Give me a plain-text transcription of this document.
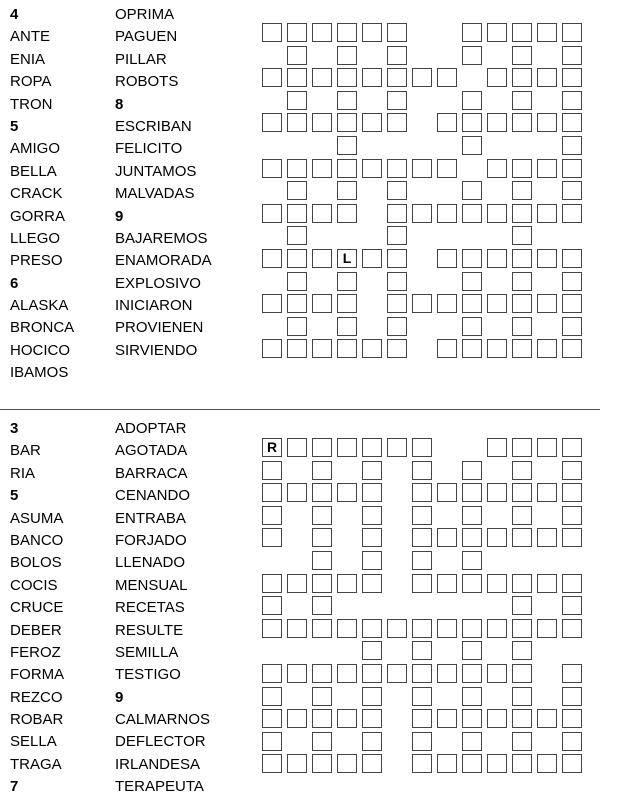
4
ANTE
ENIA
ROPA
TRON
5
AMIGO
BELLA
CRACK
GORRA
LLEGO
PRESO
6
ALASKA
BRONCA
HOCICO
IBAMOS
OPRIMA
PAGUEN
PILLAR
ROBOTS
8
ESCRIBAN
FELICITO
JUNTAMOS
MALVADAS
9
BAJAREMOS
ENAMORADA
EXPLOSIVO
INICIARON
PROVIENEN
SIRVIENDO
L
3
BAR
RIA
5
ASUMA
BANCO
BOLOS
COCIS
CRUCE
DEBER
FEROZ
FORMA
REZCO
ROBAR
SELLA
TRAGA
7
ADOPTAR
AGOTADA
BARRACA
CENANDO
ENTRABA
FORJADO
LLENADO
MENSUAL
RECETAS
RESULTE
SEMILLA
TESTIGO
9
CALMARNOS
DEFLECTOR
IRLANDESA
TERAPEUTA
R
